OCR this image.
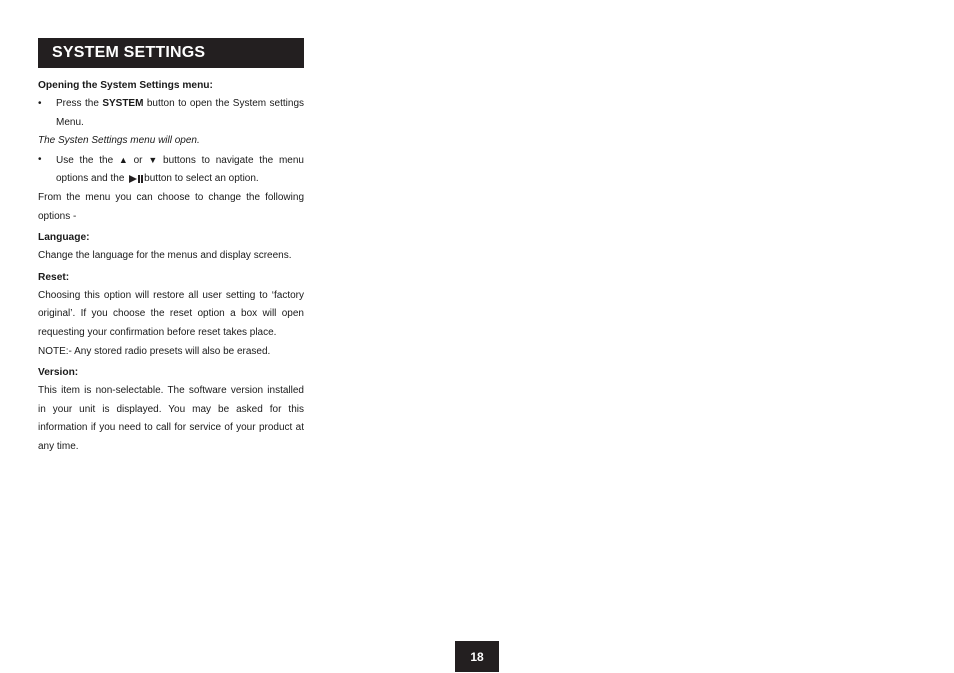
SYSTEM SETTINGS
Opening the System Settings menu:
•	Press the SYSTEM button to open the System settings Menu.
The Systen Settings menu will open.
•	Use the the ▲ or ▼ buttons to navigate the menu options and the button to select an option.

From the menu you can choose to change the following options -

Language:

Change the language for the menus and display screens.

Reset:

Choosing this option will restore all user setting to ‘factory original’. If you choose the reset option a box will open requesting your confirmation before reset takes place.

NOTE:- Any stored radio presets will also be erased.

Version:

This item is non-selectable. The software version installed in your unit is displayed. You may be asked for this information if you need to call for service of your product at any time.

18
